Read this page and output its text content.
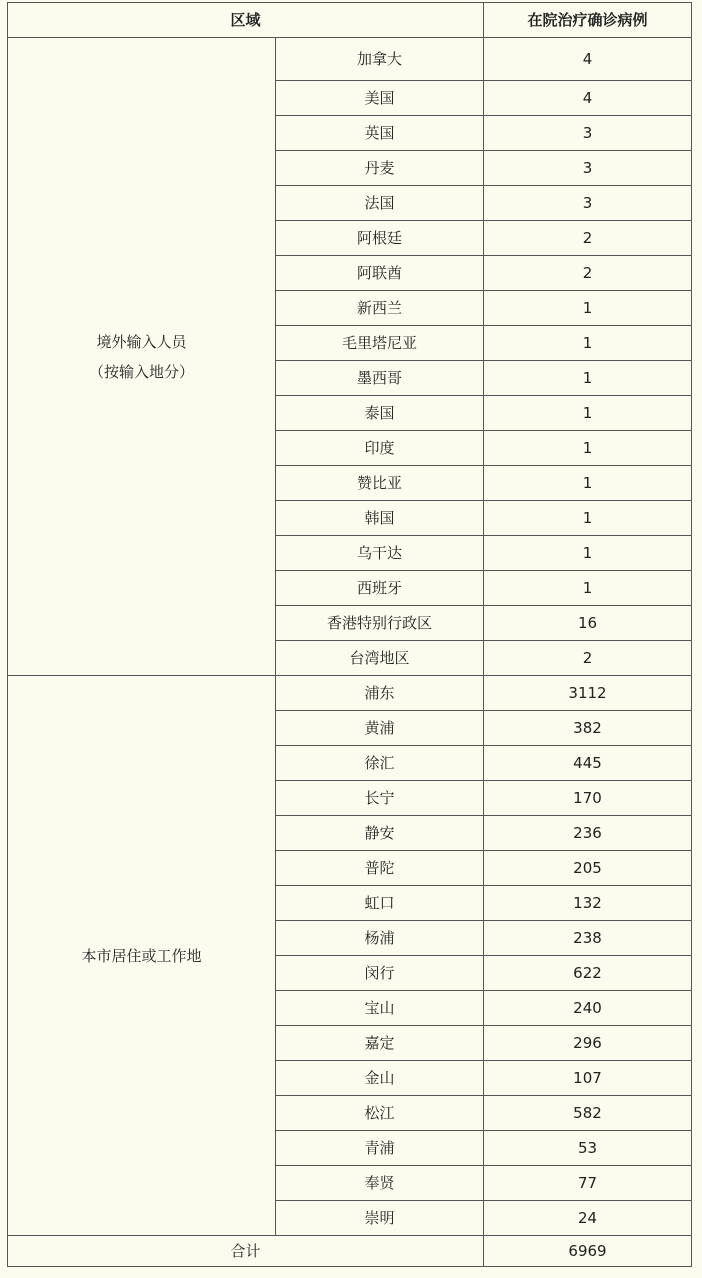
区域		在院治疗确诊病例

境外输入人员
（按输入地分）	加拿大	4
	美国	4
	英国	3
	丹麦	3
	法国	3
	阿根廷	2
	阿联酋	2
	新西兰	1
	毛里塔尼亚	1
	墨西哥	1
	泰国	1
	印度	1
	赞比亚	1
	韩国	1
	乌干达	1
	西班牙	1
	香港特别行政区	16
	台湾地区	2

本市居住或工作地	浦东	3112
	黄浦	382
	徐汇	445
	长宁	170
	静安	236
	普陀	205
	虹口	132
	杨浦	238
	闵行	622
	宝山	240
	嘉定	296
	金山	107
	松江	582
	青浦	53
	奉贤	77
	崇明	24
合计		6969
